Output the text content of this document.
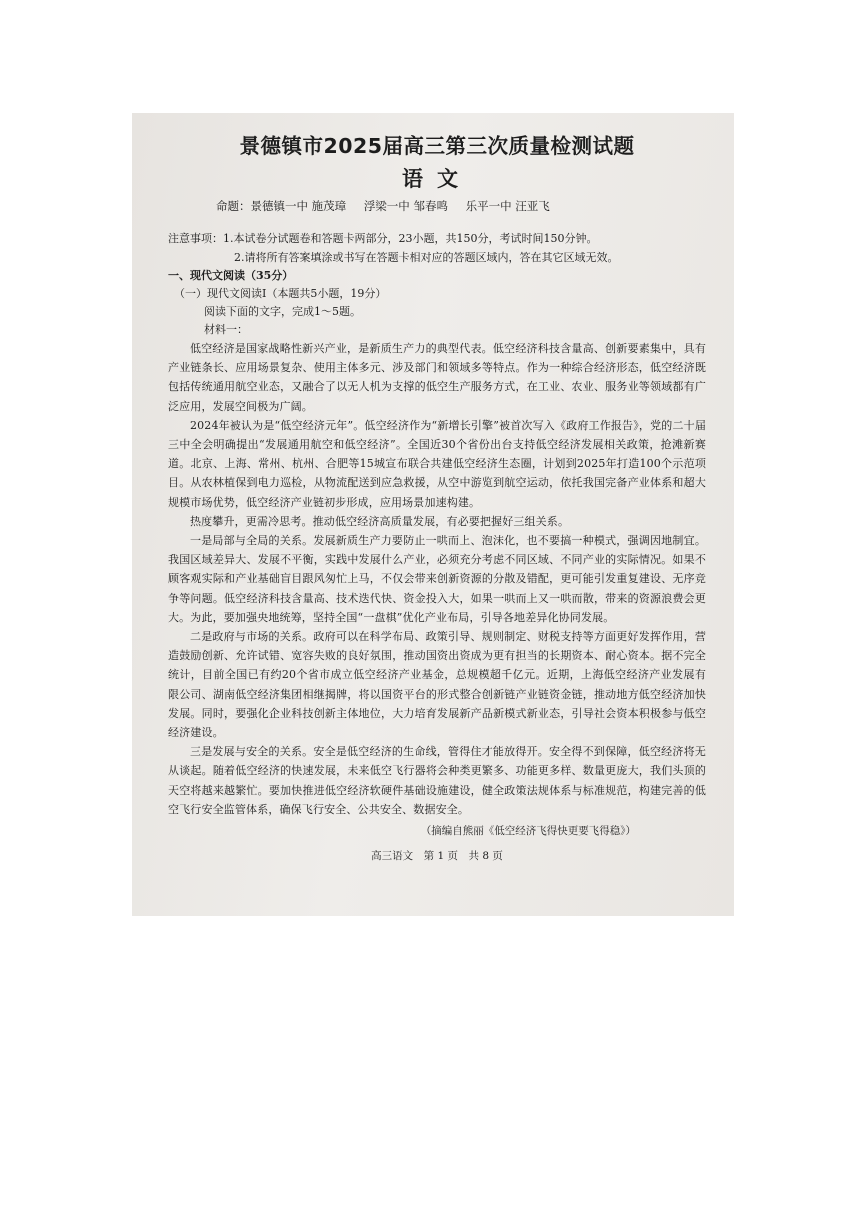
景德镇市2025届高三第三次质量检测试题
语文
命题：景德镇一中 施茂璋 浮梁一中 邹春鸣 乐平一中 汪亚飞
注意事项：1.本试卷分试题卷和答题卡两部分，23小题，共150分，考试时间150分钟。
2.请将所有答案填涂或书写在答题卡相对应的答题区域内，答在其它区域无效。
一、现代文阅读（35分）
（一）现代文阅读Ⅰ（本题共5小题，19分）
阅读下面的文字，完成1～5题。
材料一：

低空经济是国家战略性新兴产业，是新质生产力的典型代表。低空经济科技含量高、创新要素集中，具有产业链条长、应用场景复杂、使用主体多元、涉及部门和领域多等特点。作为一种综合经济形态，低空经济既包括传统通用航空业态，又融合了以无人机为支撑的低空生产服务方式，在工业、农业、服务业等领域都有广泛应用，发展空间极为广阔。

2024年被认为是“低空经济元年”。低空经济作为“新增长引擎”被首次写入《政府工作报告》，党的二十届三中全会明确提出“发展通用航空和低空经济”。全国近30个省份出台支持低空经济发展相关政策，抢滩新赛道。北京、上海、常州、杭州、合肥等15城宣布联合共建低空经济生态圈，计划到2025年打造100个示范项目。从农林植保到电力巡检，从物流配送到应急救援，从空中游览到航空运动，依托我国完备产业体系和超大规模市场优势，低空经济产业链初步形成，应用场景加速构建。

热度攀升，更需冷思考。推动低空经济高质量发展，有必要把握好三组关系。

一是局部与全局的关系。发展新质生产力要防止一哄而上、泡沫化，也不要搞一种模式，强调因地制宜。我国区域差异大、发展不平衡，实践中发展什么产业，必须充分考虑不同区域、不同产业的实际情况。如果不顾客观实际和产业基础盲目跟风匆忙上马，不仅会带来创新资源的分散及错配，更可能引发重复建设、无序竞争等问题。低空经济科技含量高、技术迭代快、资金投入大，如果一哄而上又一哄而散，带来的资源浪费会更大。为此，要加强央地统筹，坚持全国“一盘棋”优化产业布局，引导各地差异化协同发展。

二是政府与市场的关系。政府可以在科学布局、政策引导、规则制定、财税支持等方面更好发挥作用，营造鼓励创新、允许试错、宽容失败的良好氛围，推动国资出资成为更有担当的长期资本、耐心资本。据不完全统计，目前全国已有约20个省市成立低空经济产业基金，总规模超千亿元。近期，上海低空经济产业发展有限公司、湖南低空经济集团相继揭牌，将以国资平台的形式整合创新链产业链资金链，推动地方低空经济加快发展。同时，要强化企业科技创新主体地位，大力培育发展新产品新模式新业态，引导社会资本积极参与低空经济建设。

三是发展与安全的关系。安全是低空经济的生命线，管得住才能放得开。安全得不到保障，低空经济将无从谈起。随着低空经济的快速发展，未来低空飞行器将会种类更繁多、功能更多样、数量更庞大，我们头顶的天空将越来越繁忙。要加快推进低空经济软硬件基础设施建设，健全政策法规体系与标准规范，构建完善的低空飞行安全监管体系，确保飞行安全、公共安全、数据安全。

（摘编自熊丽《低空经济飞得快更要飞得稳》）
高三语文　第 1 页　共 8 页
